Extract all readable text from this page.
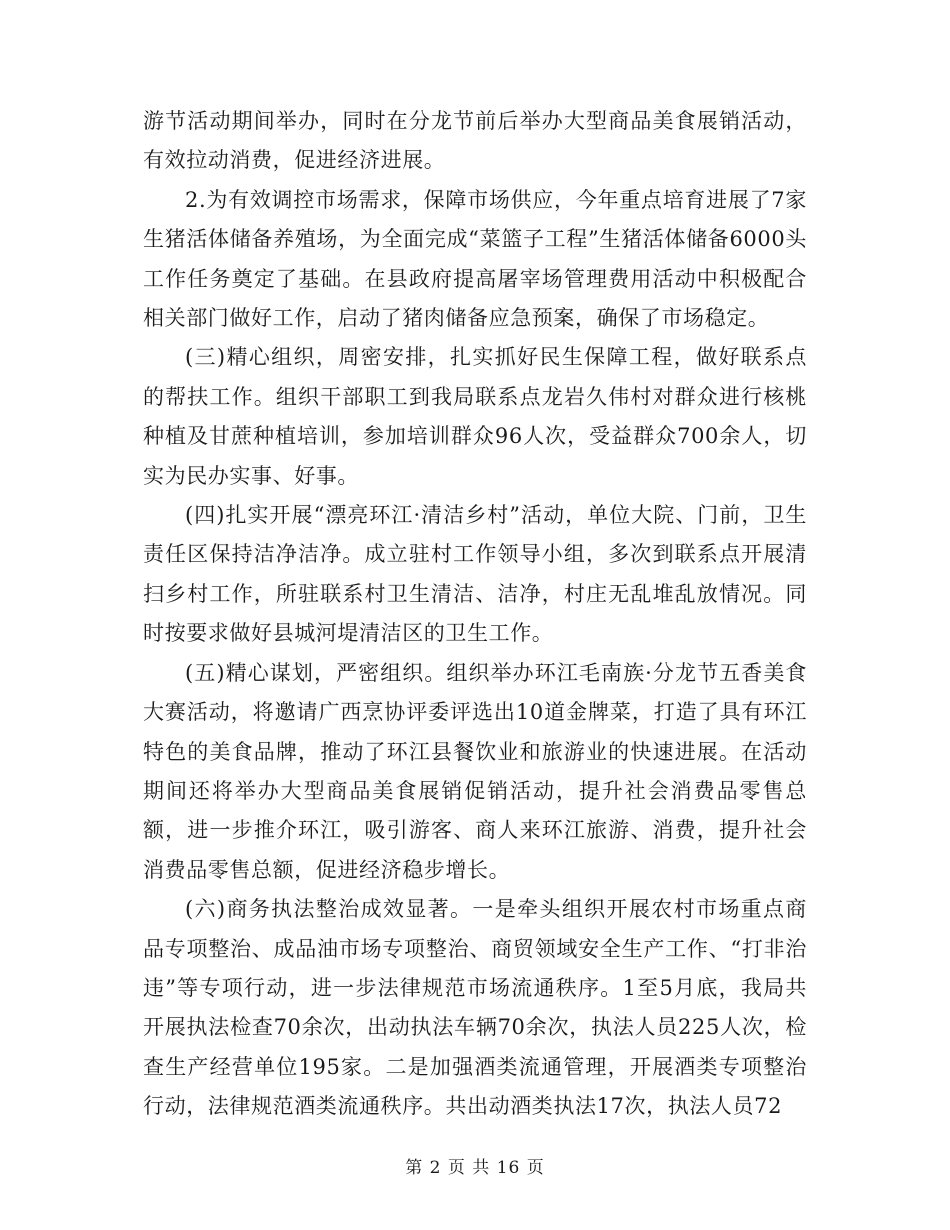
游节活动期间举办，同时在分龙节前后举办大型商品美食展销活动，有效拉动消费，促进经济进展。

2.为有效调控市场需求，保障市场供应，今年重点培育进展了7家生猪活体储备养殖场，为全面完成“菜篮子工程”生猪活体储备6000头工作任务奠定了基础。在县政府提高屠宰场管理费用活动中积极配合相关部门做好工作，启动了猪肉储备应急预案，确保了市场稳定。

(三)精心组织，周密安排，扎实抓好民生保障工程，做好联系点的帮扶工作。组织干部职工到我局联系点龙岩久伟村对群众进行核桃种植及甘蔗种植培训，参加培训群众96人次，受益群众700余人，切实为民办实事、好事。

(四)扎实开展“漂亮环江·清洁乡村”活动，单位大院、门前，卫生责任区保持洁净洁净。成立驻村工作领导小组，多次到联系点开展清扫乡村工作，所驻联系村卫生清洁、洁净，村庄无乱堆乱放情况。同时按要求做好县城河堤清洁区的卫生工作。

(五)精心谋划，严密组织。组织举办环江毛南族·分龙节五香美食大赛活动，将邀请广西烹协评委评选出10道金牌菜，打造了具有环江特色的美食品牌，推动了环江县餐饮业和旅游业的快速进展。在活动期间还将举办大型商品美食展销促销活动，提升社会消费品零售总额，进一步推介环江，吸引游客、商人来环江旅游、消费，提升社会消费品零售总额，促进经济稳步增长。

(六)商务执法整治成效显著。一是牵头组织开展农村市场重点商品专项整治、成品油市场专项整治、商贸领域安全生产工作、“打非治违”等专项行动，进一步法律规范市场流通秩序。1至5月底，我局共开展执法检查70余次，出动执法车辆70余次，执法人员225人次，检查生产经营单位195家。二是加强酒类流通管理，开展酒类专项整治行动，法律规范酒类流通秩序。共出动酒类执法17次，执法人员72

第 2 页 共 16 页
